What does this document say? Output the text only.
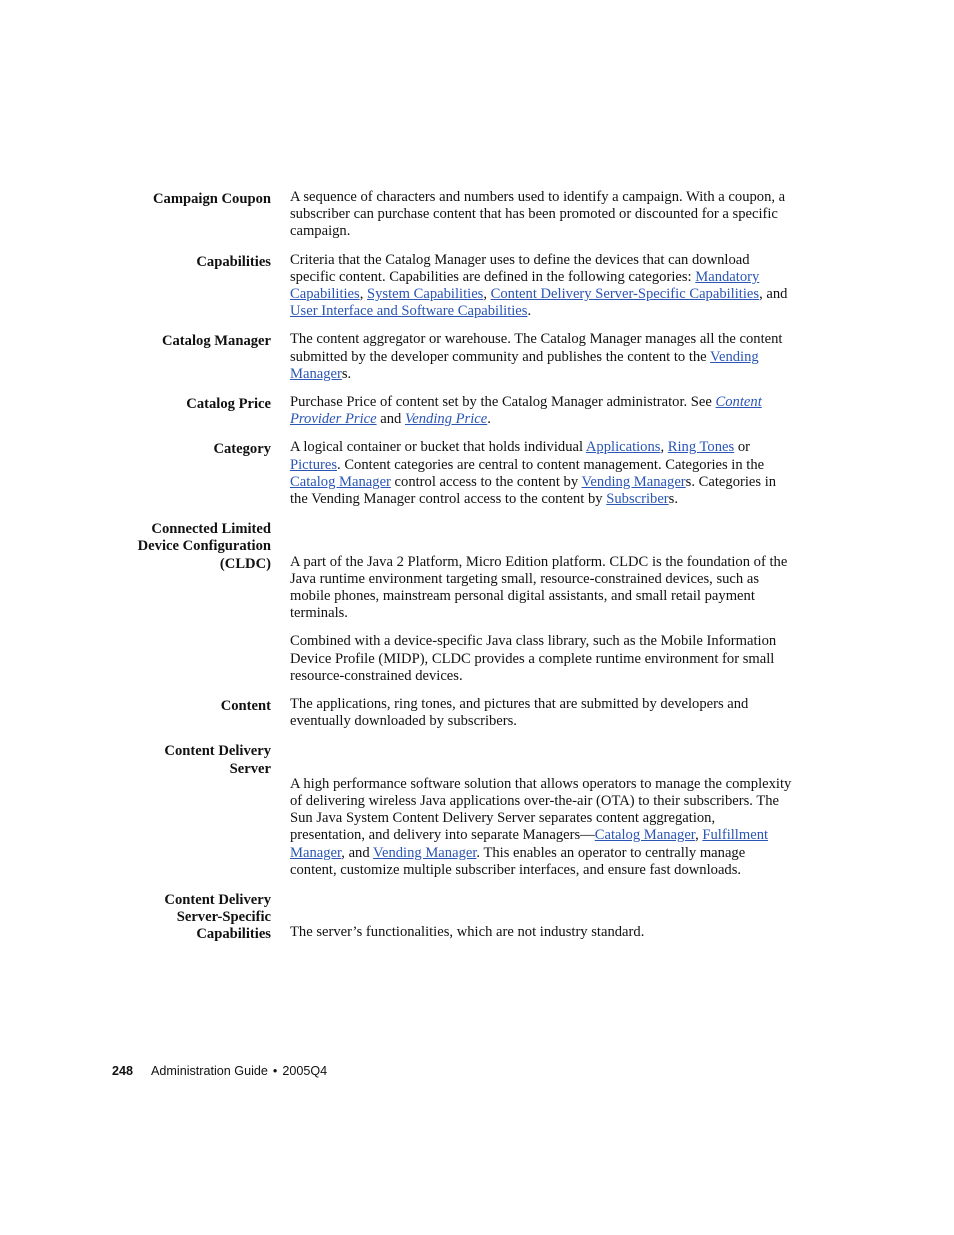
Campaign Coupon A sequence of characters and numbers used to identify a campaign. With a coupon, a subscriber can purchase content that has been promoted or discounted for a specific campaign.

Capabilities Criteria that the Catalog Manager uses to define the devices that can download specific content. Capabilities are defined in the following categories: Mandatory Capabilities, System Capabilities, Content Delivery Server-Specific Capabilities, and User Interface and Software Capabilities.

Catalog Manager The content aggregator or warehouse. The Catalog Manager manages all the content submitted by the developer community and publishes the content to the Vending Managers.

Catalog Price Purchase Price of content set by the Catalog Manager administrator. See Content Provider Price and Vending Price.

Category A logical container or bucket that holds individual Applications, Ring Tones or Pictures. Content categories are central to content management. Categories in the Catalog Manager control access to the content by Vending Managers. Categories in the Vending Manager control access to the content by Subscribers.

Connected Limited
Device Configuration
(CLDC) A part of the Java 2 Platform, Micro Edition platform. CLDC is the foundation of the Java runtime environment targeting small, resource-constrained devices, such as mobile phones, mainstream personal digital assistants, and small retail payment terminals.

Combined with a device-specific Java class library, such as the Mobile Information Device Profile (MIDP), CLDC provides a complete runtime environment for small resource-constrained devices.

Content The applications, ring tones, and pictures that are submitted by developers and eventually downloaded by subscribers.

Content Delivery
Server

A high performance software solution that allows operators to manage the complexity of delivering wireless Java applications over-the-air (OTA) to their subscribers. The Sun Java System Content Delivery Server separates content aggregation, presentation, and delivery into separate Managers—Catalog Manager, Fulfillment Manager, and Vending Manager. This enables an operator to centrally manage content, customize multiple subscriber interfaces, and ensure fast downloads.

Content Delivery
Server-Specific
Capabilities The server’s functionalities, which are not industry standard.

248 Administration Guide • 2005Q4
